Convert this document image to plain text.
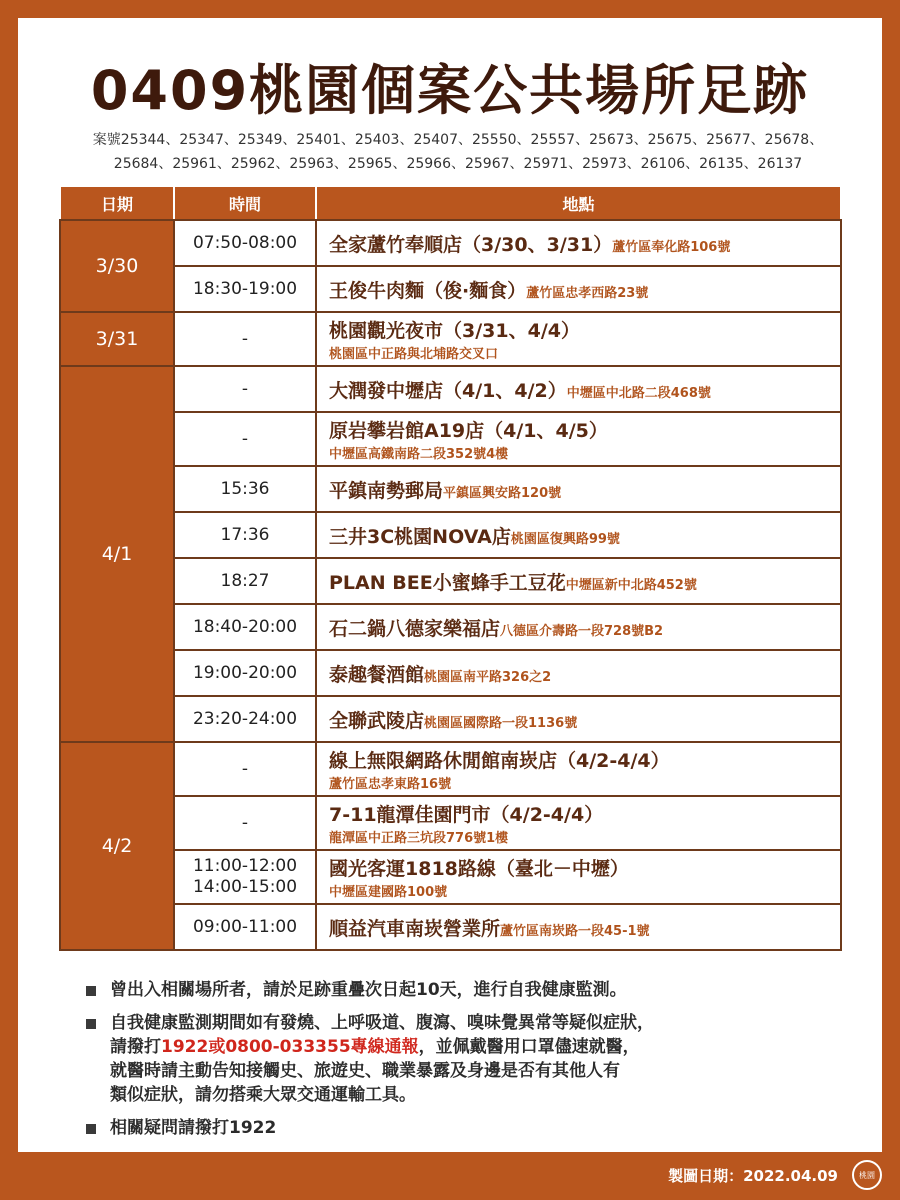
0409桃園個案公共場所足跡
案號25344、25347、25349、25401、25403、25407、25550、25557、25673、25675、25677、25678、
25684、25961、25962、25963、25965、25966、25967、25971、25973、26106、26135、26137
日期	時間	地點
3/30	07:50-08:00	全家蘆竹奉順店（3/30、3/31）蘆竹區奉化路106號

	18:30-19:00	王俊牛肉麵（俊·麵食）蘆竹區忠孝西路23號
3/31	-	桃園觀光夜市（3/31、4/4）
桃園區中正路與北埔路交叉口

4/1	-	大潤發中壢店（4/1、4/2）中壢區中北路二段468號

	-	原岩攀岩館A19店（4/1、4/5）
中壢區高鐵南路二段352號4樓

	15:36	平鎮南勢郵局平鎮區興安路120號

	17:36	三井3C桃園NOVA店桃園區復興路99號

	18:27	PLAN BEE小蜜蜂手工豆花中壢區新中北路452號

	18:40-20:00	石二鍋八德家樂福店八德區介壽路一段728號B2

	19:00-20:00	泰趣餐酒館桃園區南平路326之2

	23:20-24:00	全聯武陵店桃園區國際路一段1136號
4/2	-	線上無限網路休閒館南崁店（4/2-4/4）
蘆竹區忠孝東路16號

	-	7-11龍潭佳園門市（4/2-4/4）
龍潭區中正路三坑段776號1樓

	11:00-12:00
14:00-15:00	國光客運1818路線（臺北－中壢）
中壢區建國路100號

	09:00-11:00	順益汽車南崁營業所蘆竹區南崁路一段45-1號
曾出入相關場所者，請於足跡重疊次日起10天，進行自我健康監測。
自我健康監測期間如有發燒、上呼吸道、腹瀉、嗅味覺異常等疑似症狀，
請撥打1922或0800-033355專線通報，並佩戴醫用口罩儘速就醫，
就醫時請主動告知接觸史、旅遊史、職業暴露及身邊是否有其他人有
類似症狀，請勿搭乘大眾交通運輸工具。
相關疑問請撥打1922
製圖日期：2022.04.09	桃園
